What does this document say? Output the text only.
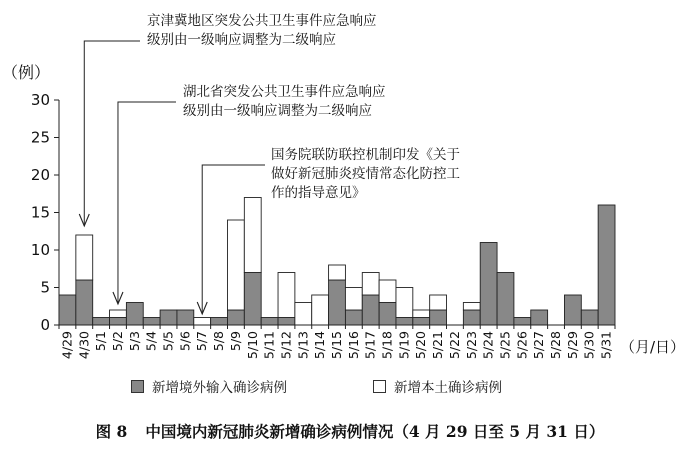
（例）
（月/日）
0
5
10
15
20
25
30
4/29 4/30 5/1 5/2 5/3 5/4 5/5 5/6 5/7 5/8 5/9 5/10 5/11 5/12 5/13 5/14 5/15 5/16 5/17 5/18 5/19 5/20 5/21 5/22 5/23 5/24 5/25 5/26 5/27 5/28 5/29 5/30 5/31
京津冀地区突发公共卫生事件应急响应
级别由一级响应调整为二级响应
湖北省突发公共卫生事件应急响应
级别由一级响应调整为二级响应
国务院联防联控机制印发《关于
做好新冠肺炎疫情常态化防控工
作的指导意见》
新增境外输入确诊病例	新增本土确诊病例
图 8 中国境内新冠肺炎新增确诊病例情况（4 月 29 日至 5 月 31 日）
